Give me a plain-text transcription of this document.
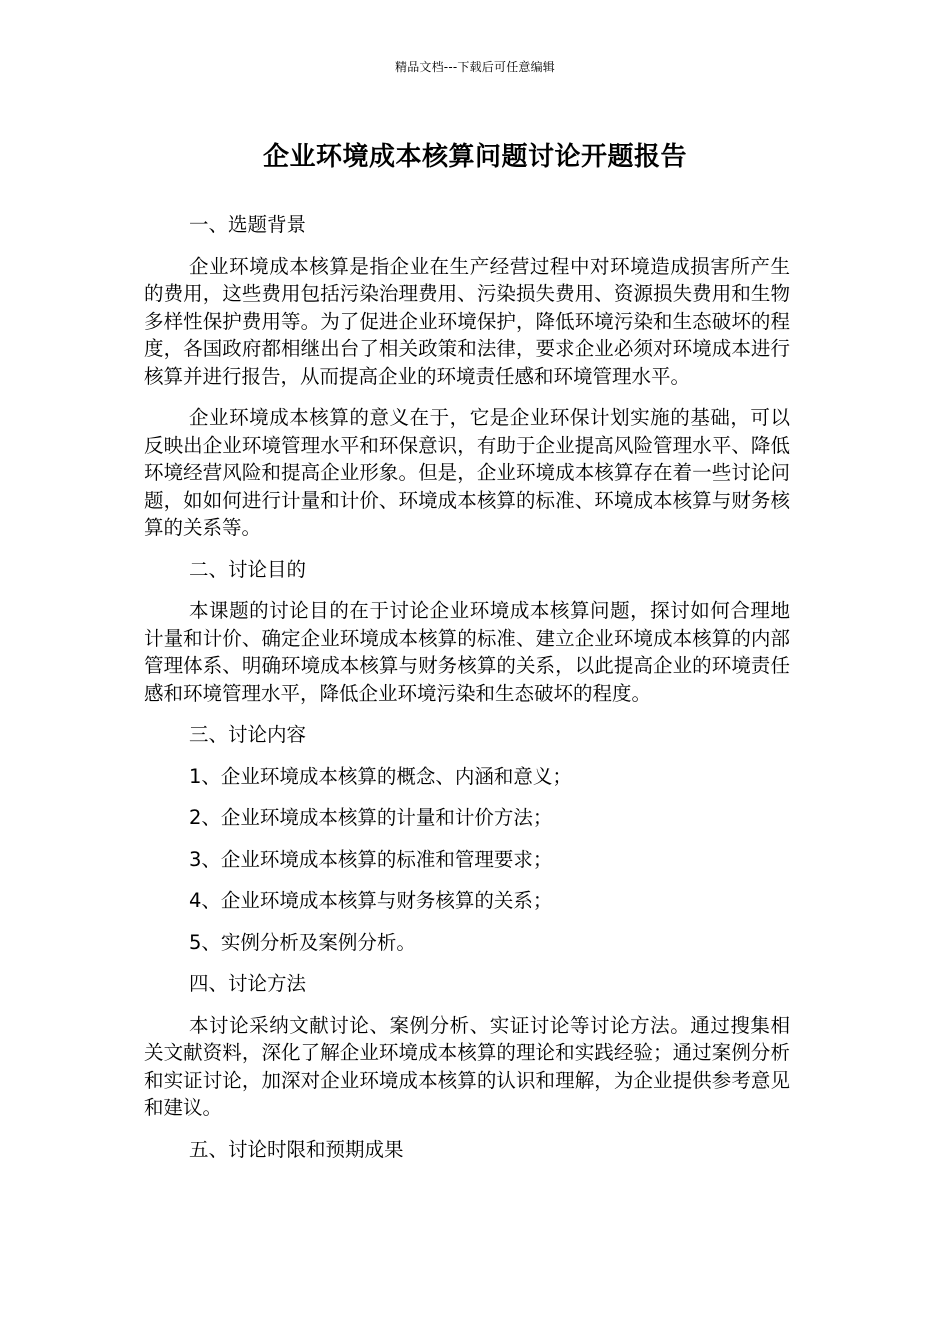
精品文档---下载后可任意编辑
企业环境成本核算问题讨论开题报告

一、选题背景

企业环境成本核算是指企业在生产经营过程中对环境造成损害所产生的费用，这些费用包括污染治理费用、污染损失费用、资源损失费用和生物多样性保护费用等。为了促进企业环境保护，降低环境污染和生态破坏的程度，各国政府都相继出台了相关政策和法律，要求企业必须对环境成本进行核算并进行报告，从而提高企业的环境责任感和环境管理水平。

企业环境成本核算的意义在于，它是企业环保计划实施的基础，可以反映出企业环境管理水平和环保意识，有助于企业提高风险管理水平、降低环境经营风险和提高企业形象。但是，企业环境成本核算存在着一些讨论问题，如如何进行计量和计价、环境成本核算的标准、环境成本核算与财务核算的关系等。

二、讨论目的

本课题的讨论目的在于讨论企业环境成本核算问题，探讨如何合理地计量和计价、确定企业环境成本核算的标准、建立企业环境成本核算的内部管理体系、明确环境成本核算与财务核算的关系，以此提高企业的环境责任感和环境管理水平，降低企业环境污染和生态破坏的程度。

三、讨论内容

1、企业环境成本核算的概念、内涵和意义；

2、企业环境成本核算的计量和计价方法；

3、企业环境成本核算的标准和管理要求；

4、企业环境成本核算与财务核算的关系；

5、实例分析及案例分析。

四、讨论方法

本讨论采纳文献讨论、案例分析、实证讨论等讨论方法。通过搜集相关文献资料，深化了解企业环境成本核算的理论和实践经验；通过案例分析和实证讨论，加深对企业环境成本核算的认识和理解，为企业提供参考意见和建议。

五、讨论时限和预期成果
